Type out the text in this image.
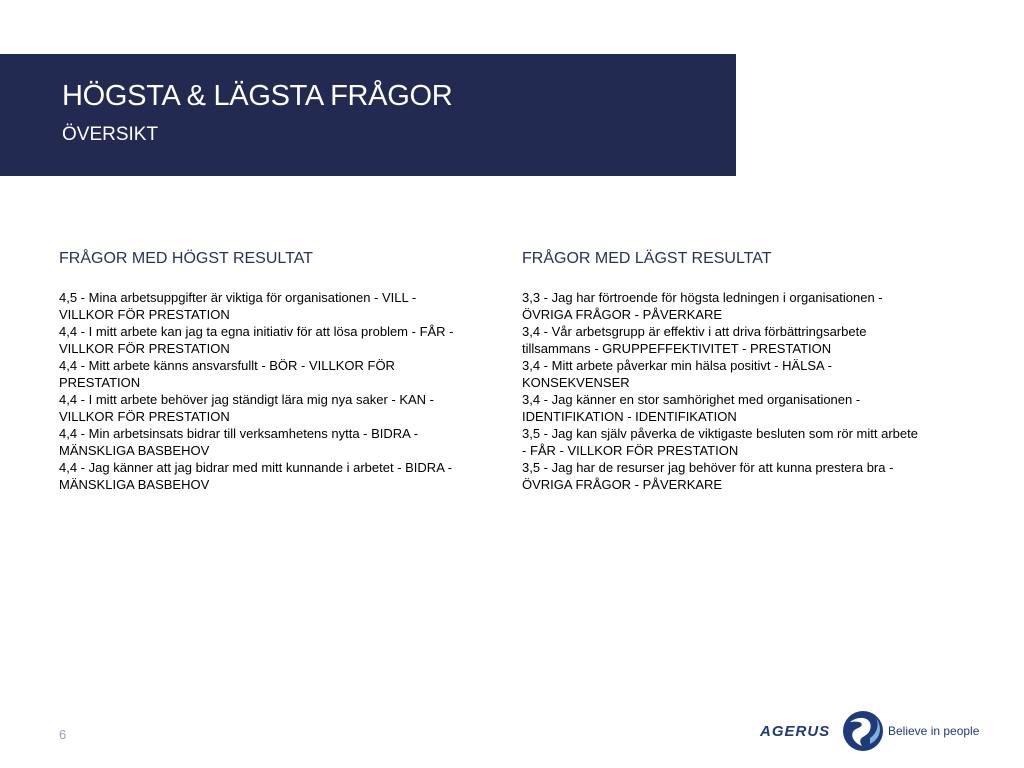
HÖGSTA & LÄGSTA FRÅGOR
ÖVERSIKT
FRÅGOR MED HÖGST RESULTAT

4,5 - Mina arbetsuppgifter är viktiga för organisationen - VILL - VILLKOR FÖR PRESTATION

4,4 - I mitt arbete kan jag ta egna initiativ för att lösa problem - FÅR - VILLKOR FÖR PRESTATION

4,4 - Mitt arbete känns ansvarsfullt - BÖR - VILLKOR FÖR PRESTATION

4,4 - I mitt arbete behöver jag ständigt lära mig nya saker - KAN - VILLKOR FÖR PRESTATION

4,4 - Min arbetsinsats bidrar till verksamhetens nytta - BIDRA - MÄNSKLIGA BASBEHOV

4,4 - Jag känner att jag bidrar med mitt kunnande i arbetet - BIDRA - MÄNSKLIGA BASBEHOV

FRÅGOR MED LÄGST RESULTAT

3,3 - Jag har förtroende för högsta ledningen i organisationen - ÖVRIGA FRÅGOR - PÅVERKARE

3,4 - Vår arbetsgrupp är effektiv i att driva förbättringsarbete tillsammans - GRUPPEFFEKTIVITET - PRESTATION

3,4 - Mitt arbete påverkar min hälsa positivt - HÄLSA - KONSEKVENSER

3,4 - Jag känner en stor samhörighet med organisationen - IDENTIFIKATION - IDENTIFIKATION

3,5 - Jag kan själv påverka de viktigaste besluten som rör mitt arbete - FÅR - VILLKOR FÖR PRESTATION

3,5 - Jag har de resurser jag behöver för att kunna prestera bra - ÖVRIGA FRÅGOR - PÅVERKARE

6	AGERUS	Believe in people
